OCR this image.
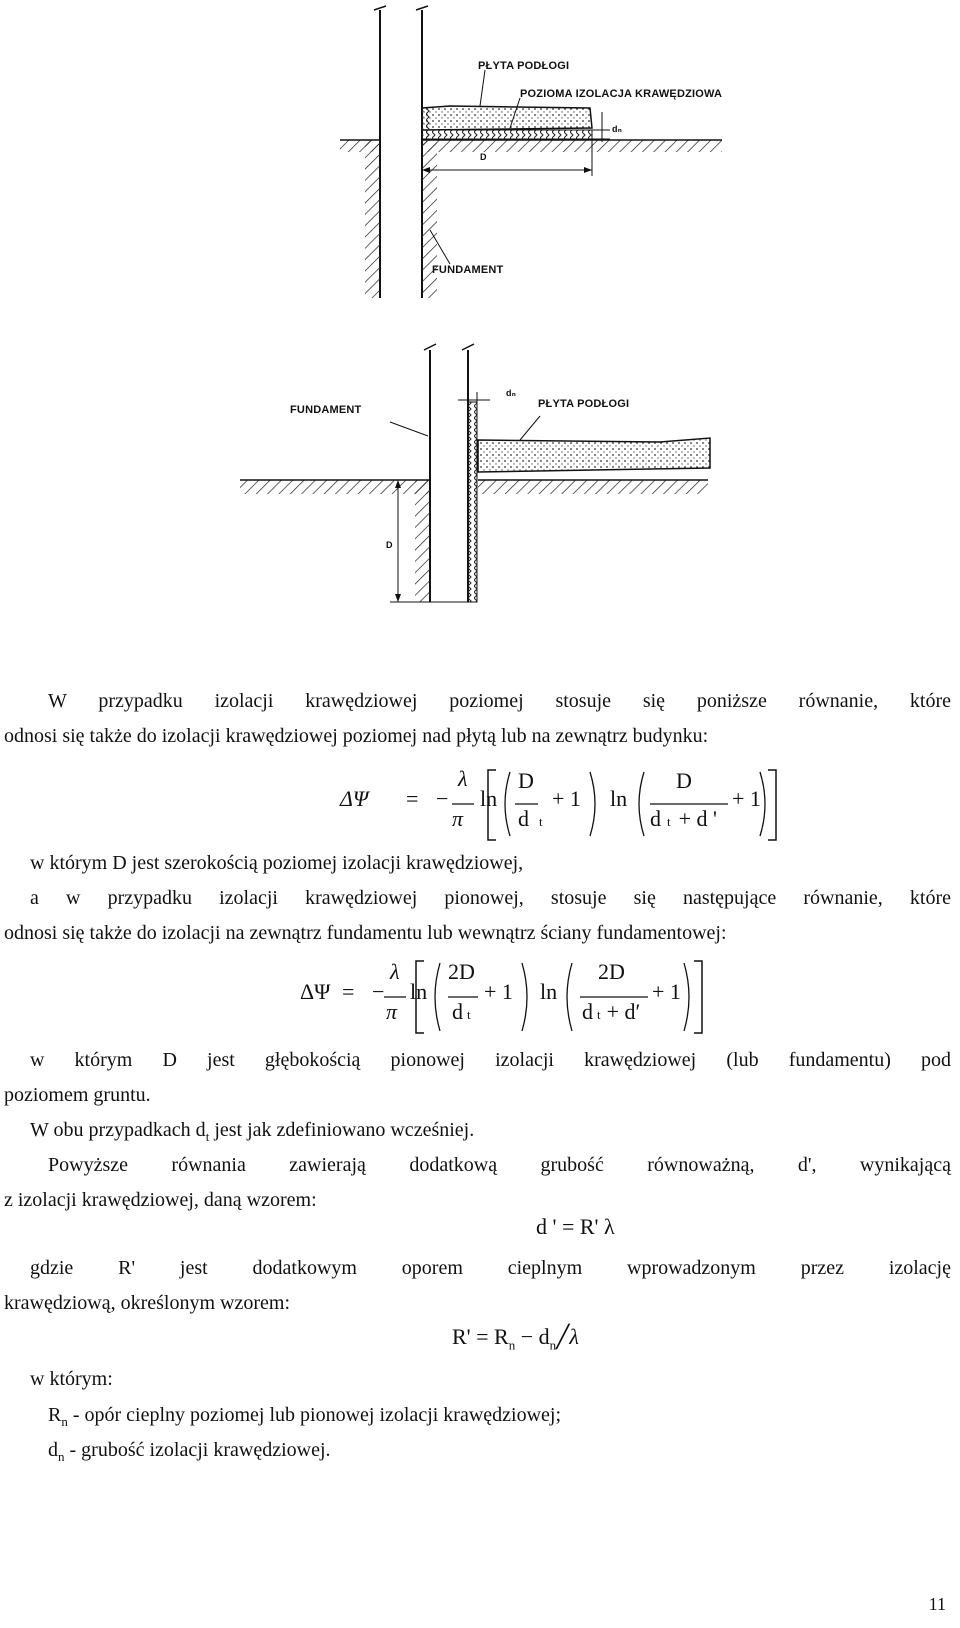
PŁYTA PODŁOGI
POZIOMA IZOLACJA KRAWĘDZIOWA
dₙ
D
FUNDAMENT
FUNDAMENT	PŁYTA PODŁOGI
dₙ
D

W przypadku izolacji krawędziowej poziomej stosuje się poniższe równanie, które

odnosi się także do izolacji krawędziowej poziomej nad płytą lub na zewnątrz budynku:

ΔΨ = −
λ
π
ln
D
dt
+ 1 ln
D
dt + d '
+ 1

w którym D jest szerokością poziomej izolacji krawędziowej,

a w przypadku izolacji krawędziowej pionowej, stosuje się następujące równanie, które

odnosi się także do izolacji na zewnątrz fundamentu lub wewnątrz ściany fundamentowej:

ΔΨ = −
λ
π
ln
2D
dt
+ 1 ln
2D
dt + d′
+ 1

w którym D jest głębokością pionowej izolacji krawędziowej (lub fundamentu) pod

poziomem gruntu.

W obu przypadkach $d_t$ jest jak zdefiniowano wcześniej.

Powyższe równania zawierają dodatkową grubość równoważną, d', wynikającą

z izolacji krawędziowej, daną wzorem:

d ' = R' λ

gdzie R' jest dodatkowym oporem cieplnym wprowadzonym przez izolację

krawędziową, określonym wzorem:

$R' = R_n$ − $d_n╱\lambda$

w którym:

$R_n$ - opór cieplny poziomej lub pionowej izolacji krawędziowej;

$d_n$ - grubość izolacji krawędziowej.

11
